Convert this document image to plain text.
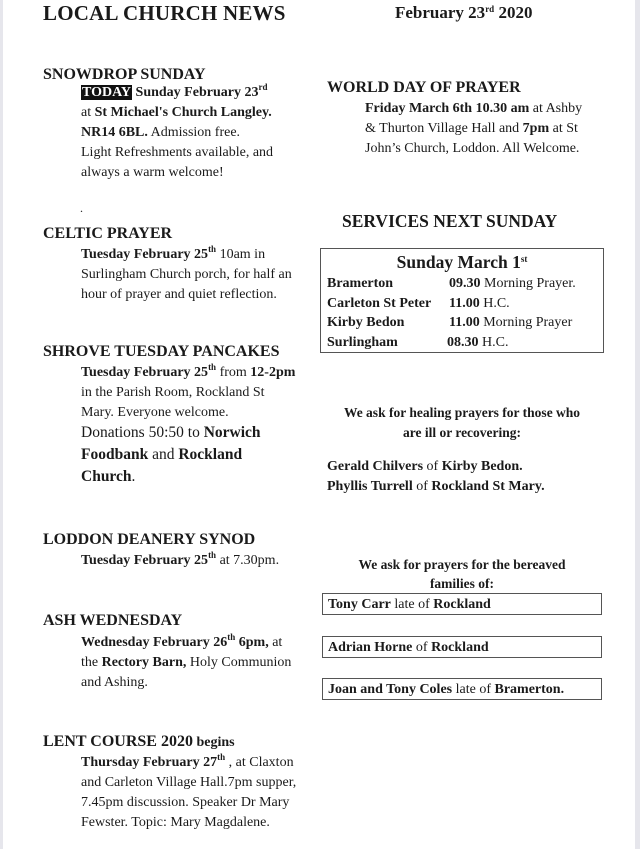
LOCAL CHURCH NEWS	February 23rd 2020
SNOWDROP SUNDAY
TODAY Sunday February 23rd
at St Michael's Church Langley.
NR14 6BL. Admission free.
Light Refreshments available, and
always a warm welcome!
.
CELTIC PRAYER
Tuesday February 25th 10am in
Surlingham Church porch, for half an
hour of prayer and quiet reflection.
SHROVE TUESDAY PANCAKES
Tuesday February 25th from 12-2pm
in the Parish Room, Rockland St
Mary. Everyone welcome.
Donations 50:50 to Norwich
Foodbank and Rockland
Church.
LODDON DEANERY SYNOD
Tuesday February 25th at 7.30pm.
ASH WEDNESDAY
Wednesday February 26th 6pm, at
the Rectory Barn, Holy Communion
and Ashing.
LENT COURSE 2020 begins
Thursday February 27th , at Claxton
and Carleton Village Hall.7pm supper,
7.45pm discussion. Speaker Dr Mary
Fewster. Topic: Mary Magdalene.
WORLD DAY OF PRAYER
Friday March 6th 10.30 am at Ashby
& Thurton Village Hall and 7pm at St
John’s Church, Loddon. All Welcome.
SERVICES NEXT SUNDAY
Sunday March 1st
Bramerton	09.30 Morning Prayer.
Carleton St Peter	11.00 H.C.
Kirby Bedon	11.00 Morning Prayer
Surlingham	08.30 H.C.
We ask for healing prayers for those who
are ill or recovering:
Gerald Chilvers of Kirby Bedon.
Phyllis Turrell of Rockland St Mary.
We ask for prayers for the bereaved
families of:
Tony Carr late of Rockland
Adrian Horne of Rockland
Joan and Tony Coles late of Bramerton.
